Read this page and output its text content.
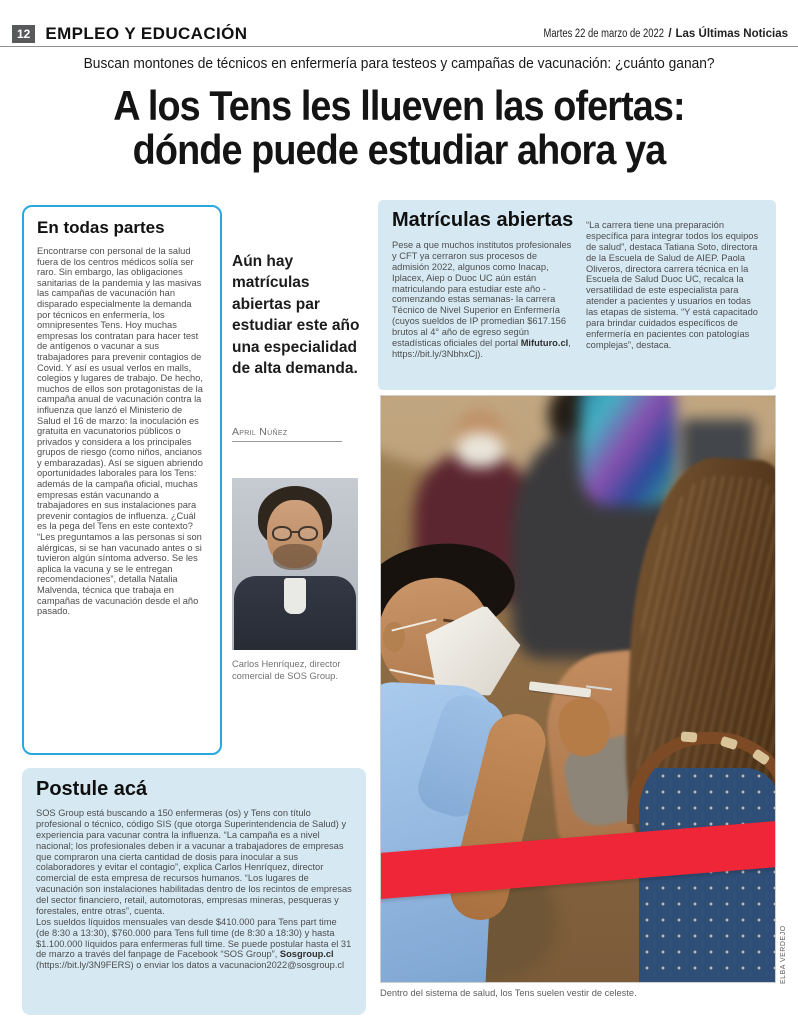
12 EMPLEO Y EDUCACIÓN	Martes 22 de marzo de 2022 / Las Últimas Noticias
Buscan montones de técnicos en enfermería para testeos y campañas de vacunación: ¿cuánto ganan?
A los Tens les llueven las ofertas:
dónde puede estudiar ahora ya
En todas partes

Encontrarse con personal de la salud fuera de los centros médicos solía ser raro. Sin embargo, las obligaciones sanitarias de la pandemia y las masivas las campañas de vacunación han disparado especialmente la demanda por técnicos en enfermería, los omnipresentes Tens. Hoy muchas empresas los contratan para hacer test de antígenos o vacunar a sus trabajadores para prevenir contagios de Covid. Y así es usual verlos en malls, colegios y lugares de trabajo. De hecho, muchos de ellos son protagonistas de la campaña anual de vacunación contra la influenza que lanzó el Ministerio de Salud el 16 de marzo: la inoculación es gratuita en vacunatorios públicos o privados y considera a los principales grupos de riesgo (como niños, ancianos y embarazadas). Así se siguen abriendo oportunidades laborales para los Tens: además de la campaña oficial, muchas empresas están vacunando a trabajadores en sus instalaciones para prevenir contagios de influenza. ¿Cuál es la pega del Tens en este contexto? “Les preguntamos a las personas si son alérgicas, si se han vacunado antes o si tuvieron algún síntoma adverso. Se les aplica la vacuna y se le entregan recomendaciones”, detalla Natalia Malvenda, técnica que trabaja en campañas de vacunación desde el año pasado.

Aún hay matrículas abiertas par estudiar este año una especialidad de alta demanda.
April Núñez
Carlos Henríquez, director comercial de SOS Group.
Matrículas abiertas

Pese a que muchos institutos profesionales y CFT ya cerraron sus procesos de admisión 2022, algunos como Inacap, Iplacex, Aiep o Duoc UC aún están matriculando para estudiar este año -comenzando estas semanas- la carrera Técnico de Nivel Superior en Enfermería (cuyos sueldos de IP promedian $617.156 brutos al 4° año de egreso según estadísticas oficiales del portal Mifuturo.cl, https://bit.ly/3NbhxCj).

“La carrera tiene una preparación específica para integrar todos los equipos de salud”, destaca Tatiana Soto, directora de la Escuela de Salud de AIEP. Paola Oliveros, directora carrera técnica en la Escuela de Salud Duoc UC, recalca la versatilidad de este especialista para atender a pacientes y usuarios en todas las etapas de sistema. “Y está capacitado para brindar cuidados específicos de enfermería en pacientes con patologías complejas”, destaca.

Dentro del sistema de salud, los Tens suelen vestir de celeste.
ELBA VERDEJO
Postule acá

SOS Group está buscando a 150 enfermeras (os) y Tens con título profesional o técnico, código SIS (que otorga Superintendencia de Salud) y experiencia para vacunar contra la influenza. “La campaña es a nivel nacional; los profesionales deben ir a vacunar a trabajadores de empresas que compraron una cierta cantidad de dosis para inocular a sus colaboradores y evitar el contagio”, explica Carlos Henríquez, director comercial de esta empresa de recursos humanos. “Los lugares de vacunación son instalaciones habilitadas dentro de los recintos de empresas del sector financiero, retail, automotoras, empresas mineras, pesqueras y forestales, entre otras”, cuenta.

Los sueldos líquidos mensuales van desde $410.000 para Tens part time (de 8:30 a 13:30), $760.000 para Tens full time (de 8:30 a 18:30) y hasta $1.100.000 líquidos para enfermeras full time. Se puede postular hasta el 31 de marzo a través del fanpage de Facebook “SOS Group”, Sosgroup.cl (https://bit.ly/3N9FERS) o enviar los datos a vacunacion2022@sosgroup.cl
